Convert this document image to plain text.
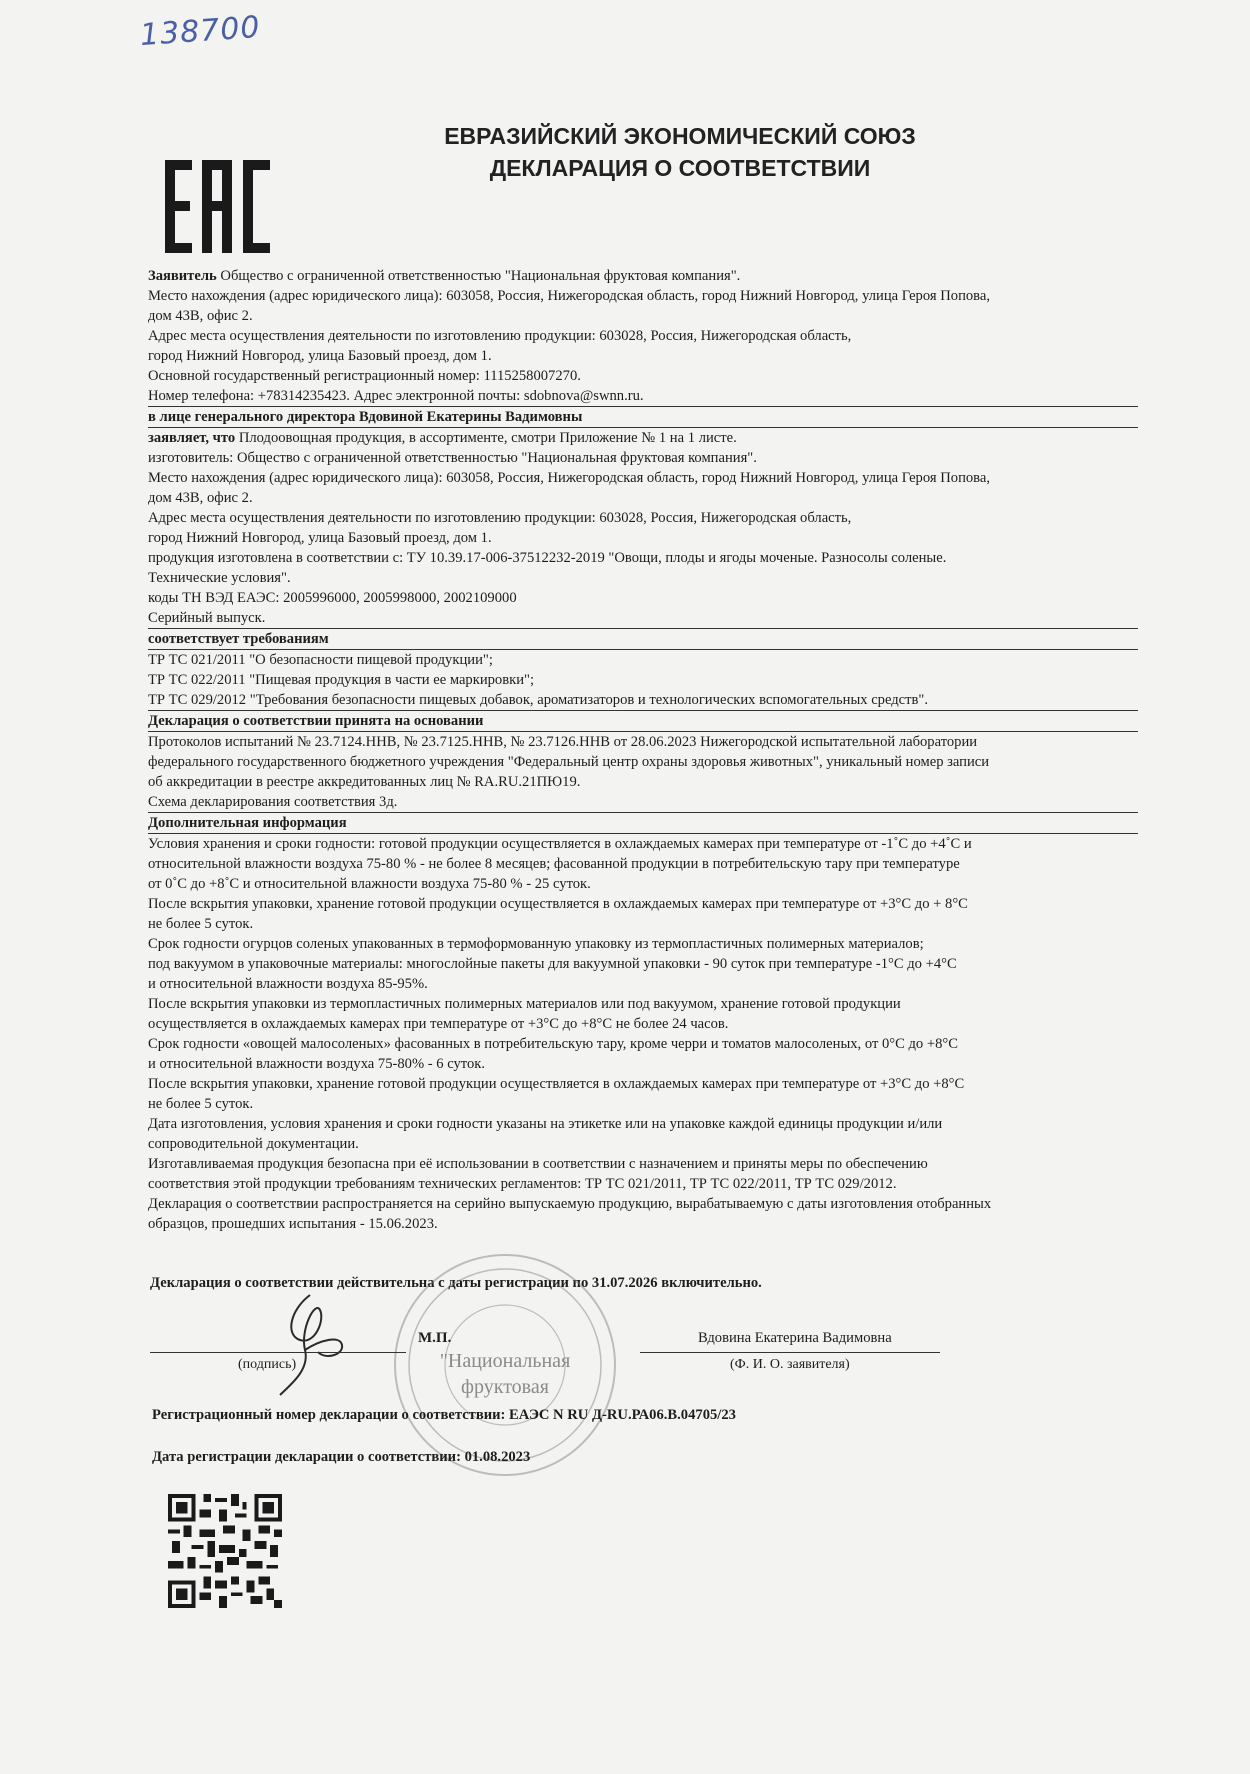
138700
ЕВРАЗИЙСКИЙ ЭКОНОМИЧЕСКИЙ СОЮЗ
ДЕКЛАРАЦИЯ О СООТВЕТСТВИИ
Заявитель Общество с ограниченной ответственностью "Национальная фруктовая компания".
Место нахождения (адрес юридического лица): 603058, Россия, Нижегородская область, город Нижний Новгород, улица Героя Попова,
дом 43В, офис 2.
Адрес места осуществления деятельности по изготовлению продукции: 603028, Россия, Нижегородская область,
город Нижний Новгород, улица Базовый проезд, дом 1.
Основной государственный регистрационный номер: 1115258007270.
Номер телефона: +78314235423. Адрес электронной почты: sdobnova@swnn.ru.
в лице генерального директора Вдовиной Екатерины Вадимовны
заявляет, что Плодоовощная продукция, в ассортименте, смотри Приложение № 1 на 1 листе.
изготовитель: Общество с ограниченной ответственностью "Национальная фруктовая компания".
Место нахождения (адрес юридического лица): 603058, Россия, Нижегородская область, город Нижний Новгород, улица Героя Попова,
дом 43В, офис 2.
Адрес места осуществления деятельности по изготовлению продукции: 603028, Россия, Нижегородская область,
город Нижний Новгород, улица Базовый проезд, дом 1.
продукция изготовлена в соответствии с: ТУ 10.39.17-006-37512232-2019 "Овощи, плоды и ягоды моченые. Разносолы соленые.
Технические условия".
коды ТН ВЭД ЕАЭС: 2005996000, 2005998000, 2002109000
Серийный выпуск.
соответствует требованиям
ТР ТС 021/2011 "О безопасности пищевой продукции";
ТР ТС 022/2011 "Пищевая продукция в части ее маркировки";
ТР ТС 029/2012 "Требования безопасности пищевых добавок, ароматизаторов и технологических вспомогательных средств".
Декларация о соответствии принята на основании
Протоколов испытаний № 23.7124.ННВ, № 23.7125.ННВ, № 23.7126.ННВ от 28.06.2023 Нижегородской испытательной лаборатории
федерального государственного бюджетного учреждения "Федеральный центр охраны здоровья животных", уникальный номер записи
об аккредитации в реестре аккредитованных лиц № RA.RU.21ПЮ19.
Схема декларирования соответствия 3д.
Дополнительная информация
Условия хранения и сроки годности: готовой продукции осуществляется в охлаждаемых камерах при температуре от -1˚С до +4˚С и
относительной влажности воздуха 75-80 % - не более 8 месяцев; фасованной продукции в потребительскую тару при температуре
от 0˚С до +8˚С и относительной влажности воздуха 75-80 % - 25 суток.
После вскрытия упаковки, хранение готовой продукции осуществляется в охлаждаемых камерах при температуре от +3°С до + 8°С
не более 5 суток.
Срок годности огурцов соленых упакованных в термоформованную упаковку из термопластичных полимерных материалов;
под вакуумом в упаковочные материалы: многослойные пакеты для вакуумной упаковки - 90 суток при температуре -1°С до +4°С
и относительной влажности воздуха 85-95%.
После вскрытия упаковки из термопластичных полимерных материалов или под вакуумом, хранение готовой продукции
осуществляется в охлаждаемых камерах при температуре от +3°С до +8°С не более 24 часов.
Срок годности «овощей малосоленых» фасованных в потребительскую тару, кроме черри и томатов малосоленых, от 0°С до +8°С
и относительной влажности воздуха 75-80% - 6 суток.
После вскрытия упаковки, хранение готовой продукции осуществляется в охлаждаемых камерах при температуре от +3°С до +8°С
не более 5 суток.
Дата изготовления, условия хранения и сроки годности указаны на этикетке или на упаковке каждой единицы продукции и/или
сопроводительной документации.
Изготавливаемая продукция безопасна при её использовании в соответствии с назначением и приняты меры по обеспечению
соответствия этой продукции требованиям технических регламентов: ТР ТС 021/2011, ТР ТС 022/2011, ТР ТС 029/2012.
Декларация о соответствии распространяется на серийно выпускаемую продукцию, вырабатываемую с даты изготовления отобранных
образцов, прошедших испытания - 15.06.2023.
Декларация о соответствии действительна с даты регистрации по 31.07.2026 включительно.
"Национальная
фруктовая
(подпись)
М.П.	Вдовина Екатерина Вадимовна
(Ф. И. О. заявителя)
Регистрационный номер декларации о соответствии: ЕАЭС N RU Д-RU.РА06.В.04705/23
Дата регистрации декларации о соответствии: 01.08.2023
